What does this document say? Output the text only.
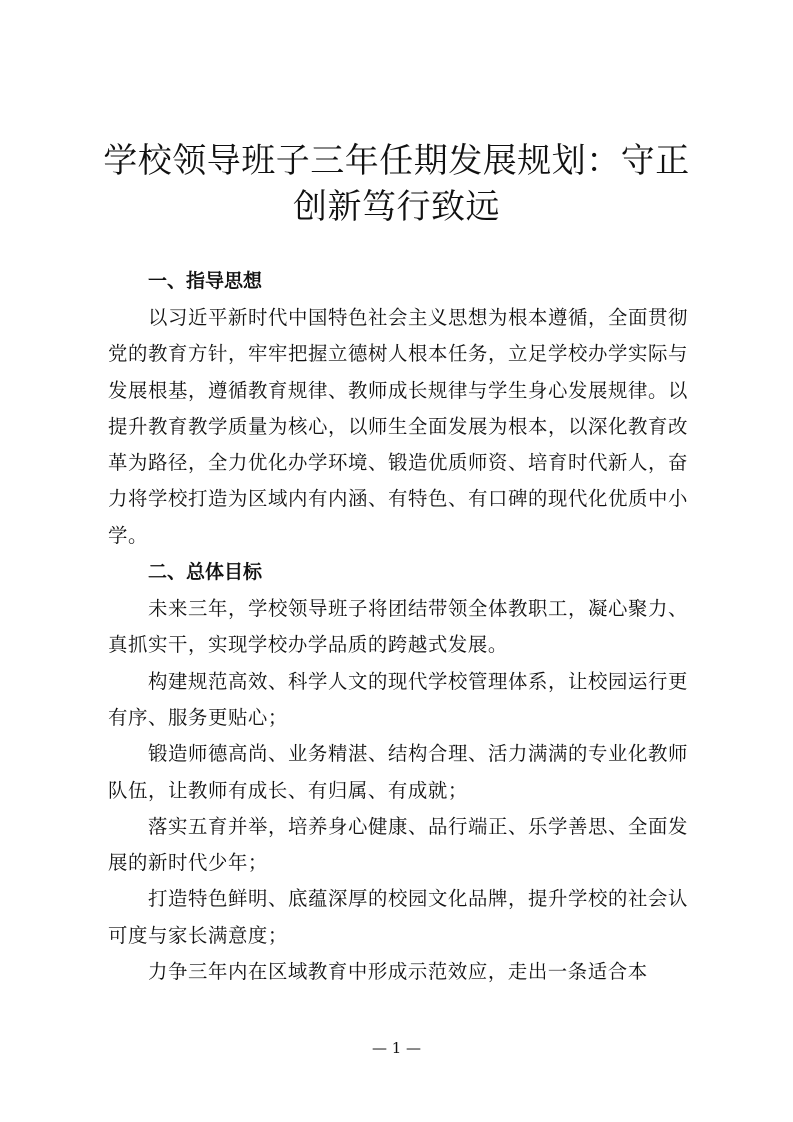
学校领导班子三年任期发展规划：守正创新笃行致远
一、指导思想

以习近平新时代中国特色社会主义思想为根本遵循，全面贯彻党的教育方针，牢牢把握立德树人根本任务，立足学校办学实际与发展根基，遵循教育规律、教师成长规律与学生身心发展规律。以提升教育教学质量为核心，以师生全面发展为根本，以深化教育改革为路径，全力优化办学环境、锻造优质师资、培育时代新人，奋力将学校打造为区域内有内涵、有特色、有口碑的现代化优质中小学。

二、总体目标

未来三年，学校领导班子将团结带领全体教职工，凝心聚力、真抓实干，实现学校办学品质的跨越式发展。

构建规范高效、科学人文的现代学校管理体系，让校园运行更有序、服务更贴心；

锻造师德高尚、业务精湛、结构合理、活力满满的专业化教师队伍，让教师有成长、有归属、有成就；

落实五育并举，培养身心健康、品行端正、乐学善思、全面发展的新时代少年；

打造特色鲜明、底蕴深厚的校园文化品牌，提升学校的社会认可度与家长满意度；

力争三年内在区域教育中形成示范效应，走出一条适合本

— 1 —
